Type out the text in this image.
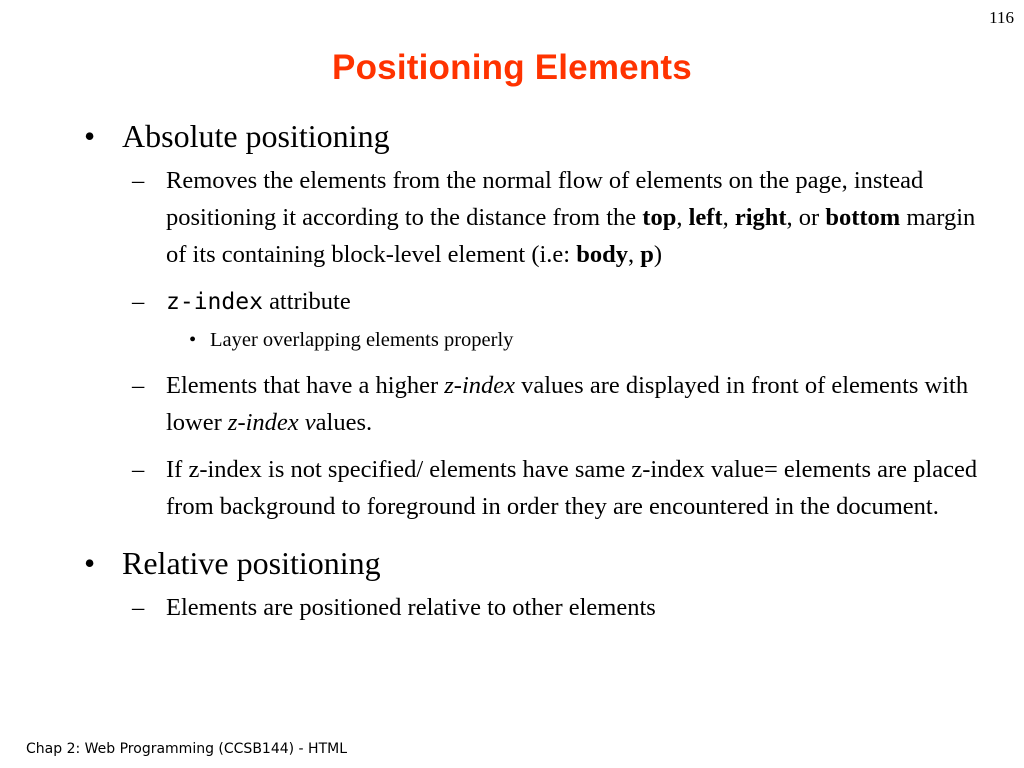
116
Positioning Elements
• Absolute positioning
– Removes the elements from the normal flow of elements on the page, instead positioning it according to the distance from the top, left, right, or bottom margin of its containing block-level element (i.e: body, p)
– z-index attribute
• Layer overlapping elements properly
– Elements that have a higher z-index values are displayed in front of elements with lower z-index values.
– If z-index is not specified/ elements have same z-index value= elements are placed from background to foreground in order they are encountered in the document.
• Relative positioning
– Elements are positioned relative to other elements
Chap 2: Web Programming (CCSB144) - HTML
